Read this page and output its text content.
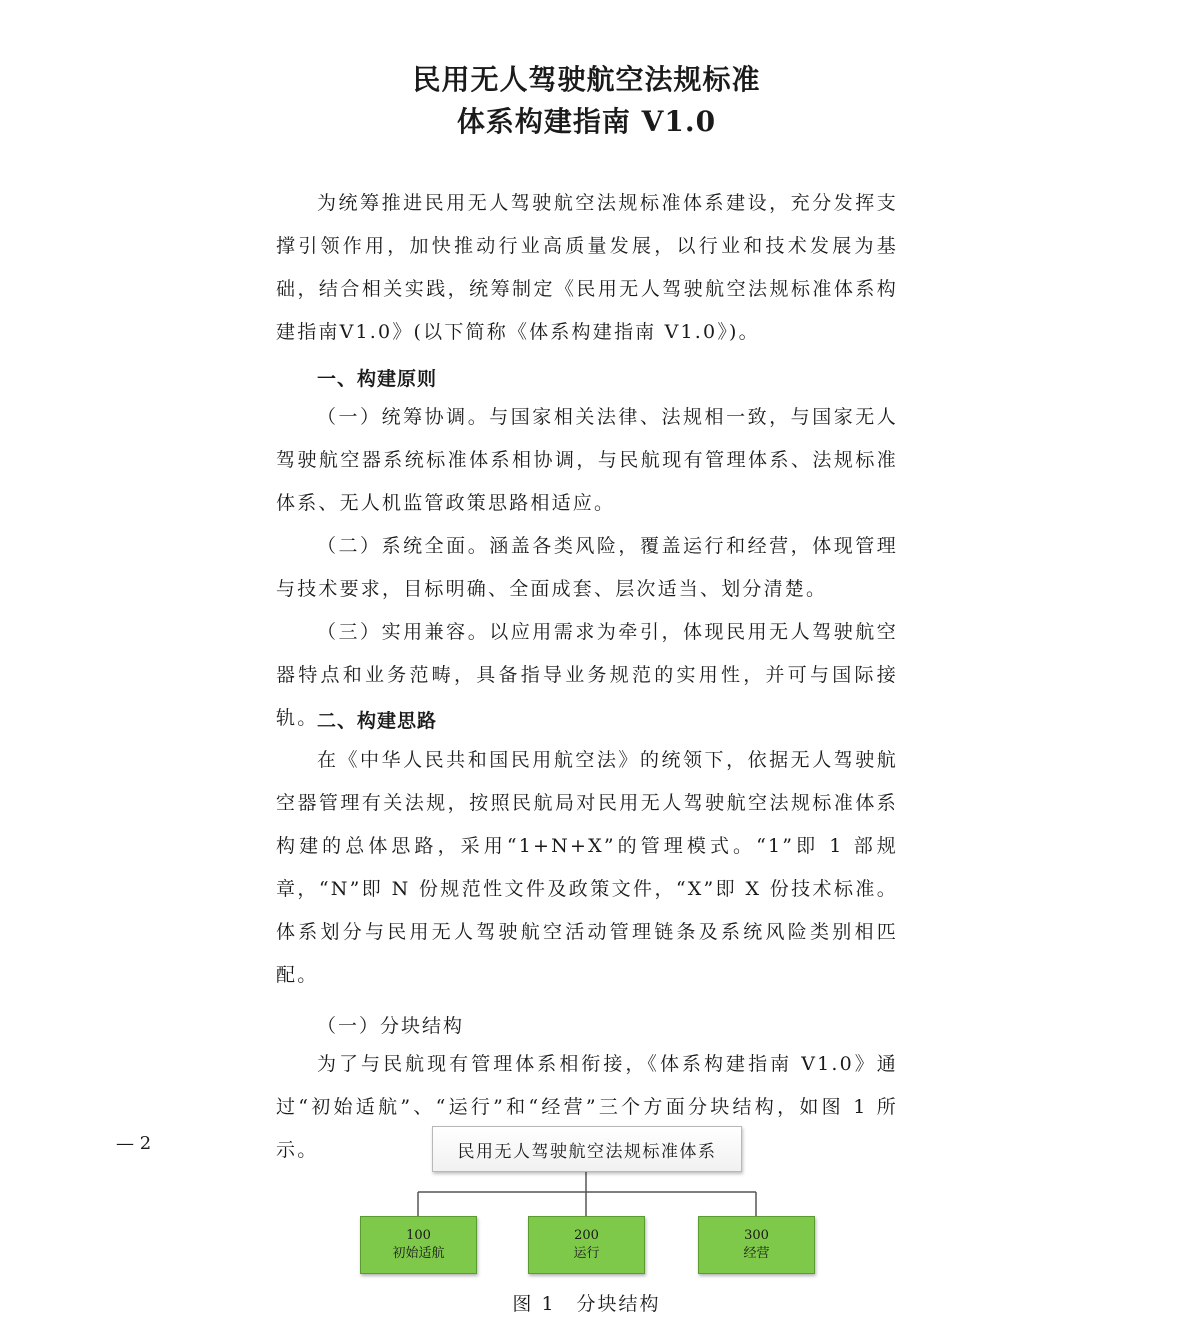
民用无人驾驶航空法规标准
体系构建指南 V1.0

为统筹推进民用无人驾驶航空法规标准体系建设，充分发挥支撑引领作用，加快推动行业高质量发展，以行业和技术发展为基础，结合相关实践，统筹制定《民用无人驾驶航空法规标准体系构建指南V1.0》(以下简称《体系构建指南 V1.0》)。

一、构建原则

（一）统筹协调。与国家相关法律、法规相一致，与国家无人驾驶航空器系统标准体系相协调，与民航现有管理体系、法规标准体系、无人机监管政策思路相适应。

（二）系统全面。涵盖各类风险，覆盖运行和经营，体现管理与技术要求，目标明确、全面成套、层次适当、划分清楚。

（三）实用兼容。以应用需求为牵引，体现民用无人驾驶航空器特点和业务范畴，具备指导业务规范的实用性，并可与国际接轨。

二、构建思路

在《中华人民共和国民用航空法》的统领下，依据无人驾驶航空器管理有关法规，按照民航局对民用无人驾驶航空法规标准体系构建的总体思路，采用“1+N+X”的管理模式。“1”即 1 部规章，“N”即 N 份规范性文件及政策文件，“X”即 X 份技术标准。体系划分与民用无人驾驶航空活动管理链条及系统风险类别相匹配。

（一）分块结构

为了与民航现有管理体系相衔接，《体系构建指南 V1.0》通过“初始适航”、“运行”和“经营”三个方面分块结构，如图 1 所示。

— 2	民用无人驾驶航空法规标准体系
100
初始适航
200
运行
300
经营
图 1　分块结构
